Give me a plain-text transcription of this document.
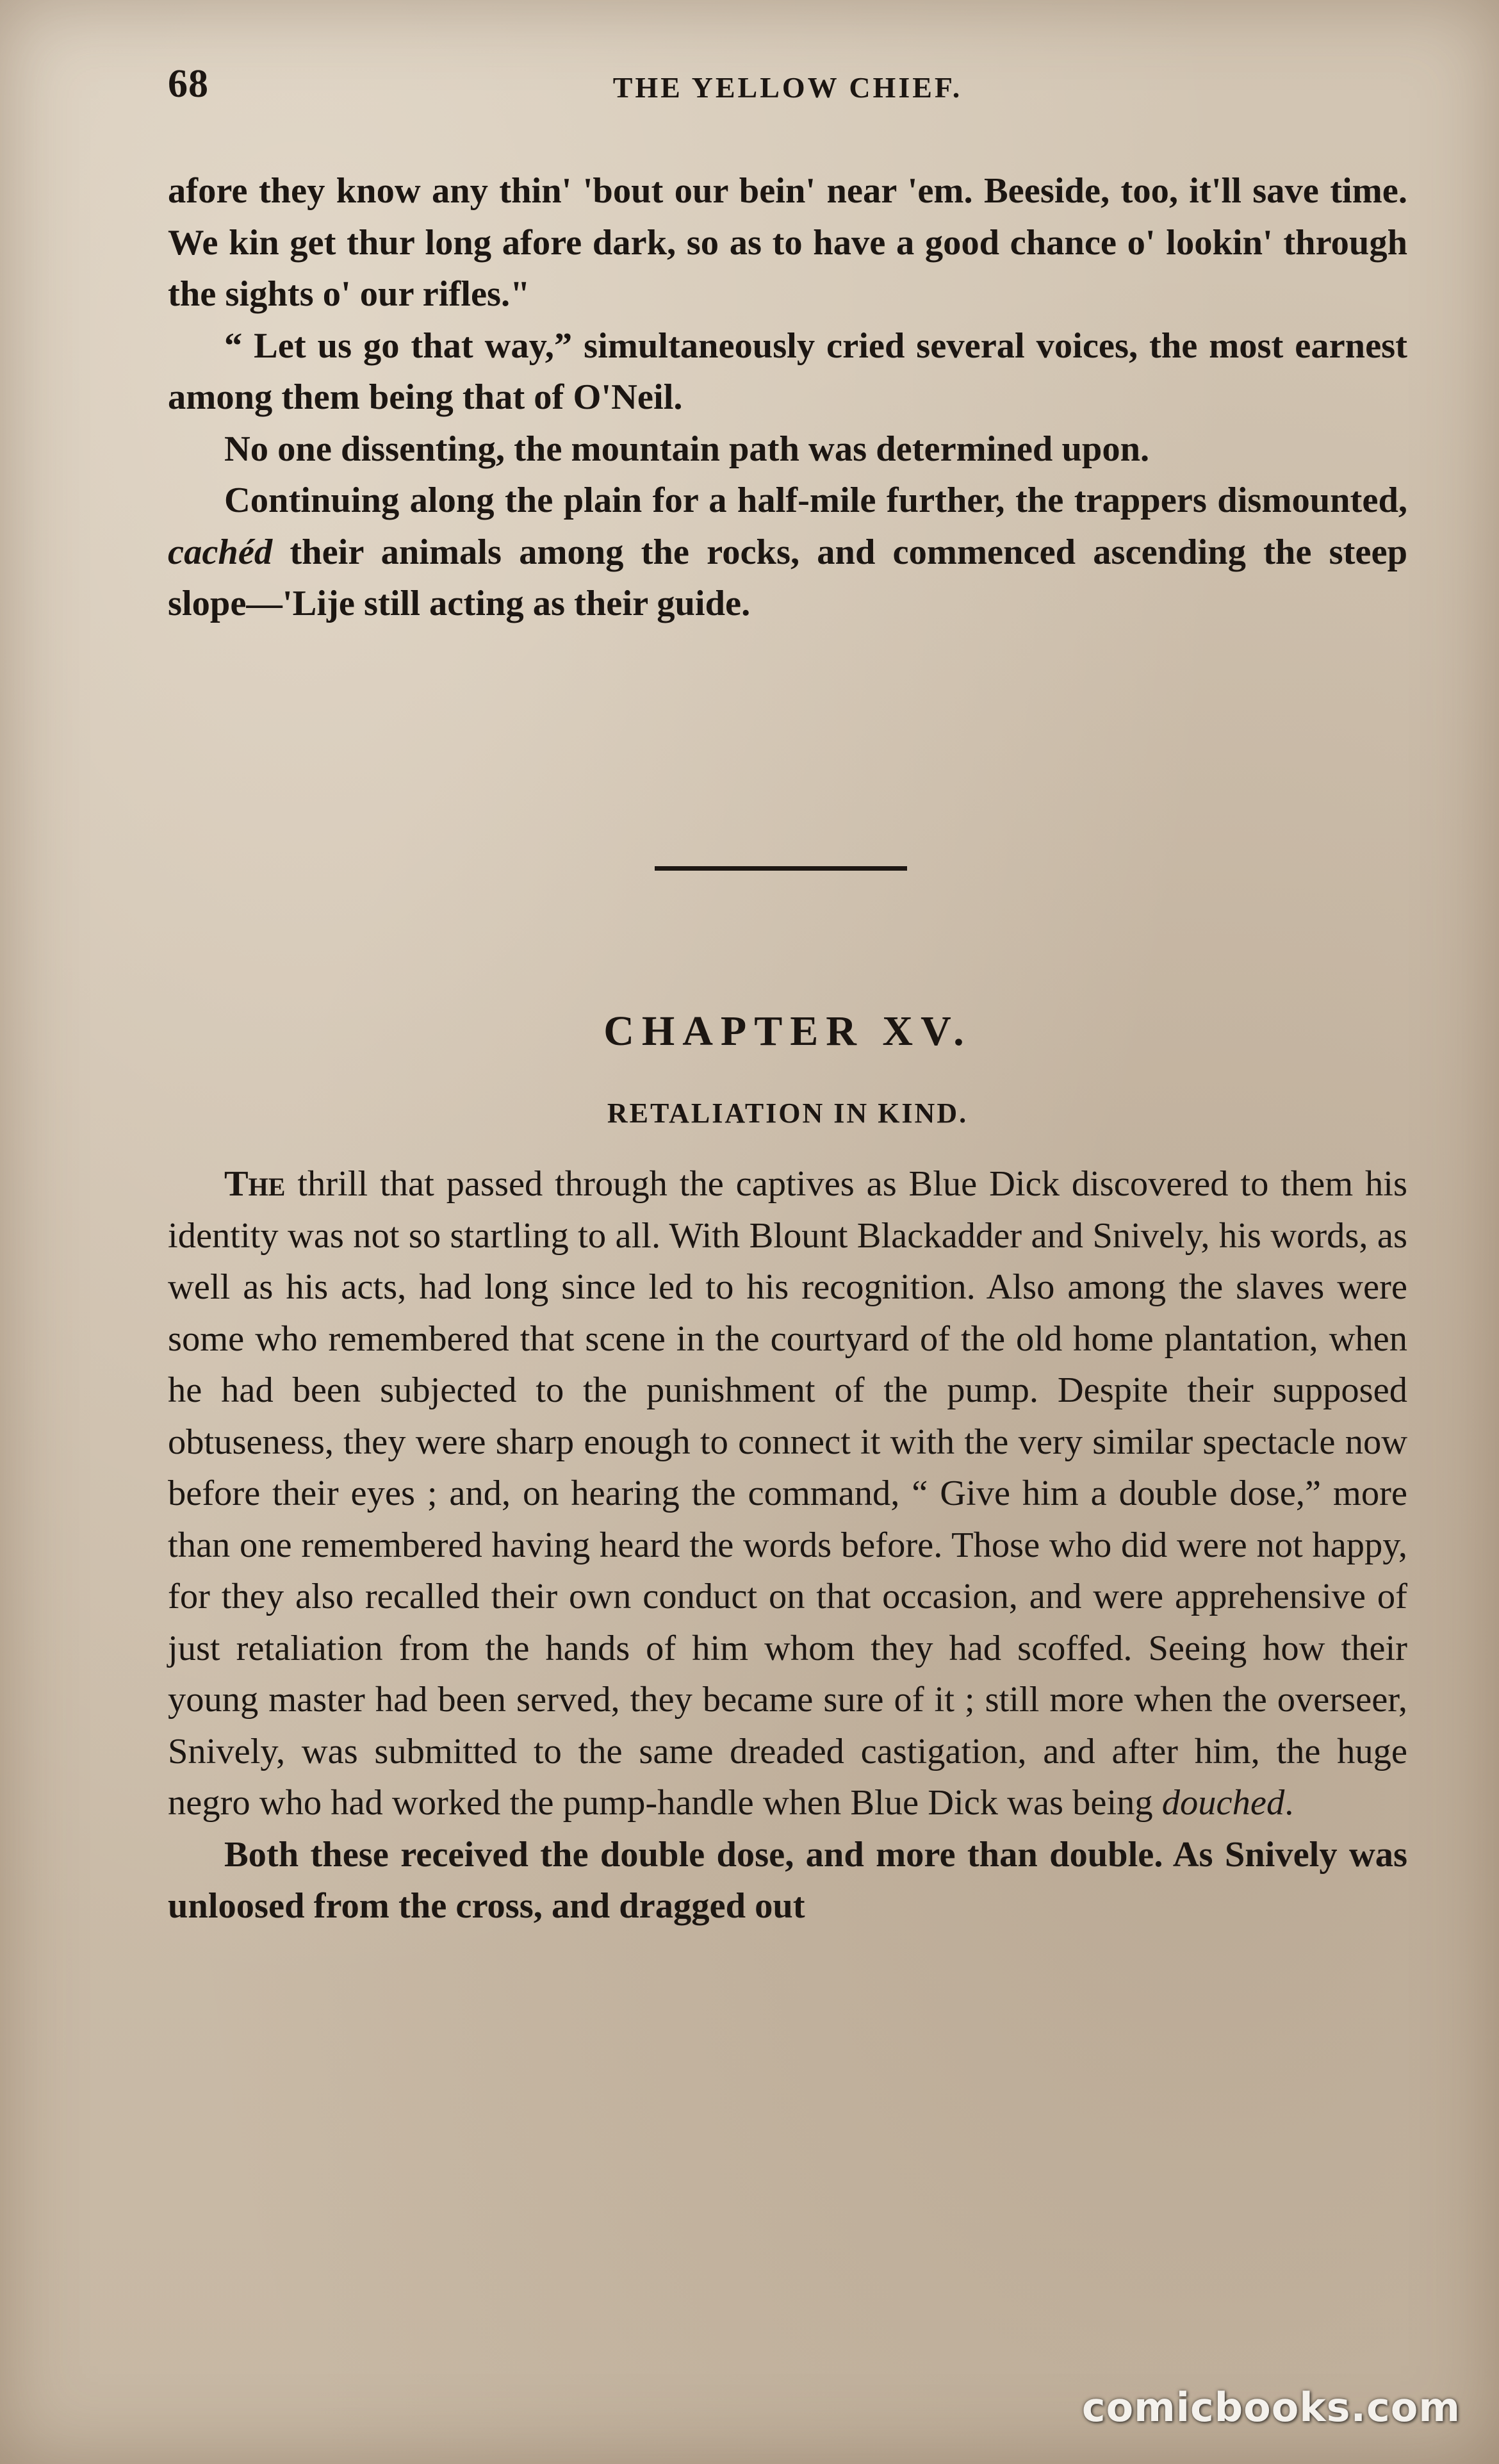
68	THE YELLOW CHIEF.

afore they know any thin' 'bout our bein' near 'em. Beeside, too, it'll save time. We kin get thur long afore dark, so as to have a good chance o' lookin' through the sights o' our rifles."

“ Let us go that way,” simultaneously cried several voices, the most earnest among them being that of O'Neil.

No one dissenting, the mountain path was determined upon.

Continuing along the plain for a half-mile further, the trappers dismounted, cachéd their animals among the rocks, and commenced ascending the steep slope—'Lije still acting as their guide.

CHAPTER XV.
RETALIATION IN KIND.

The thrill that passed through the captives as Blue Dick discovered to them his identity was not so startling to all. With Blount Blackadder and Snively, his words, as well as his acts, had long since led to his recognition. Also among the slaves were some who remembered that scene in the courtyard of the old home plantation, when he had been subjected to the punishment of the pump. Despite their supposed obtuseness, they were sharp enough to connect it with the very similar spectacle now before their eyes ; and, on hearing the command, “ Give him a double dose,” more than one remembered having heard the words before. Those who did were not happy, for they also recalled their own conduct on that occasion, and were apprehensive of just retaliation from the hands of him whom they had scoffed. Seeing how their young master had been served, they became sure of it ; still more when the overseer, Snively, was submitted to the same dreaded castigation, and after him, the huge negro who had worked the pump-handle when Blue Dick was being douched.

Both these received the double dose, and more than double. As Snively was unloosed from the cross, and dragged out

comicbooks.com
